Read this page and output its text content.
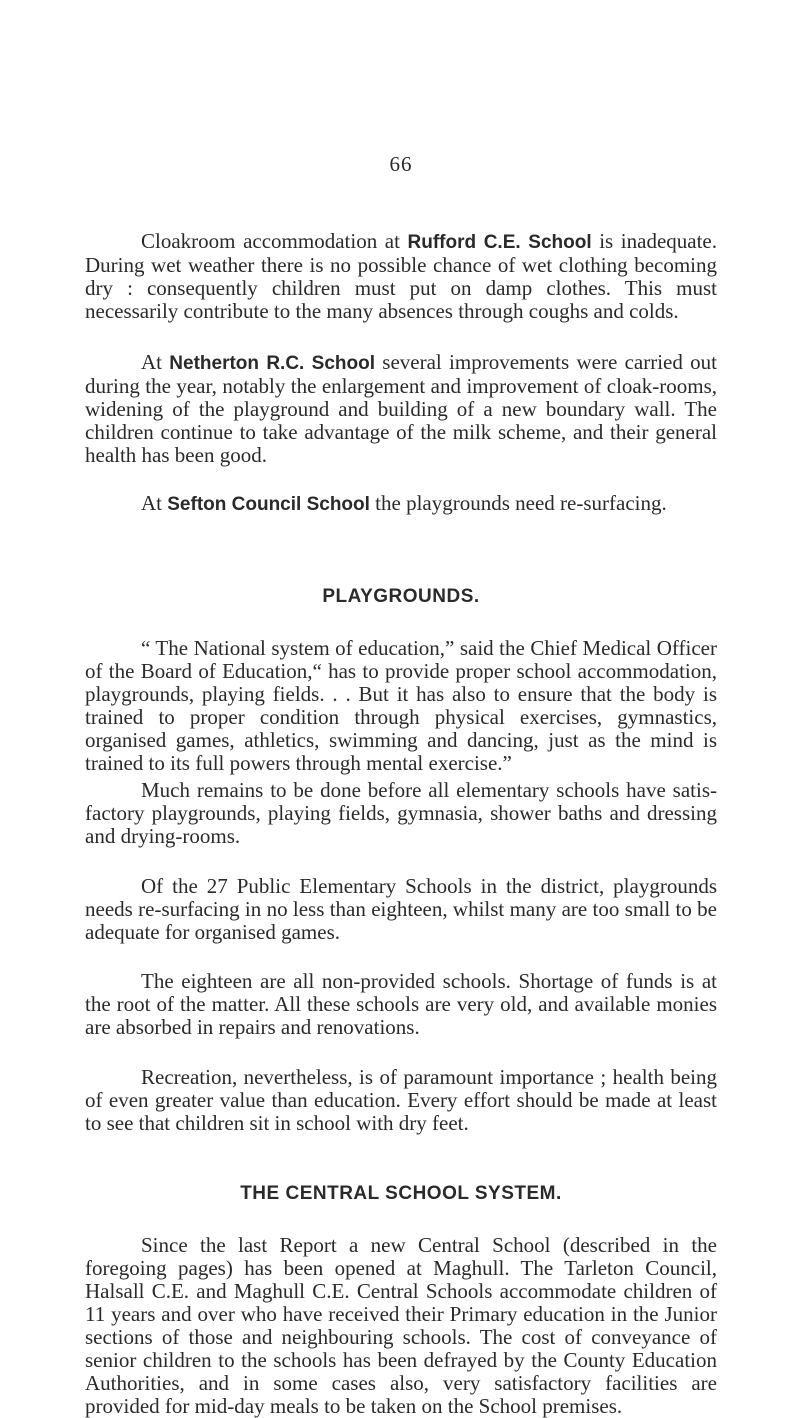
66

Cloakroom accommodation at Rufford C.E. School is inadequate. During wet weather there is no possible chance of wet clothing becoming dry : consequently children must put on damp clothes. This must necessarily contribute to the many absences through coughs and colds.

At Netherton R.C. School several improvements were carried out during the year, notably the enlargement and improvement of cloak-rooms, widening of the playground and building of a new boundary wall. The children continue to take advantage of the milk scheme, and their general health has been good.

At Sefton Council School the playgrounds need re-surfacing.

PLAYGROUNDS.

“ The National system of education,” said the Chief Medical Officer of the Board of Education,“ has to provide proper school accommodation, playgrounds, playing fields. . . But it has also to ensure that the body is trained to proper condition through physical exercises, gymnastics, organised games, athletics, swimming and dancing, just as the mind is trained to its full powers through mental exercise.”

Much remains to be done before all elementary schools have satis-factory playgrounds, playing fields, gymnasia, shower baths and dressing and drying-rooms.

Of the 27 Public Elementary Schools in the district, playgrounds needs re-surfacing in no less than eighteen, whilst many are too small to be adequate for organised games.

The eighteen are all non-provided schools. Shortage of funds is at the root of the matter. All these schools are very old, and available monies are absorbed in repairs and renovations.

Recreation, nevertheless, is of paramount importance ; health being of even greater value than education. Every effort should be made at least to see that children sit in school with dry feet.

THE CENTRAL SCHOOL SYSTEM.

Since the last Report a new Central School (described in the foregoing pages) has been opened at Maghull. The Tarleton Council, Halsall C.E. and Maghull C.E. Central Schools accommodate children of 11 years and over who have received their Primary education in the Junior sections of those and neighbouring schools. The cost of conveyance of senior children to the schools has been defrayed by the County Education Authorities, and in some cases also, very satisfactory facilities are provided for mid-day meals to be taken on the School premises.
